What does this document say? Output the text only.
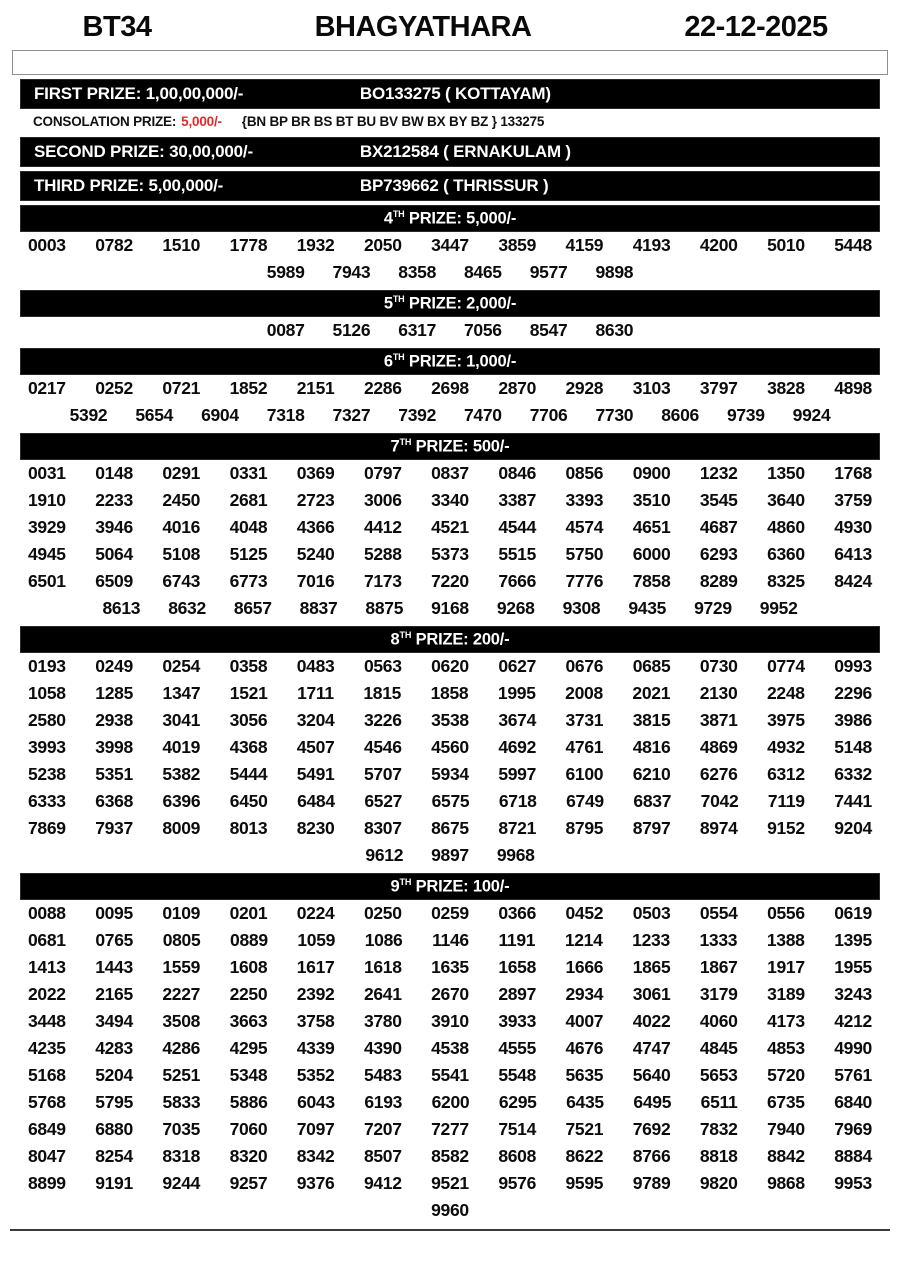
BT34	BHAGYATHARA	22-12-2025
FIRST PRIZE: 1,00,00,000/-	BO133275 ( KOTTAYAM)
CONSOLATION PRIZE: 5,000/- {BN BP BR BS BT BU BV BW BX BY BZ } 133275
SECOND PRIZE: 30,00,000/-	BX212584 ( ERNAKULAM )
THIRD PRIZE: 5,00,000/-	BP739662 ( THRISSUR )
4TH PRIZE: 5,000/-
0003 0782 1510 1778 1932 2050 3447 3859 4159 4193 4200 5010 5448
5989 7943 8358 8465 9577 9898
5TH PRIZE: 2,000/-
0087 5126 6317 7056 8547 8630
6TH PRIZE: 1,000/-
0217 0252 0721 1852 2151 2286 2698 2870 2928 3103 3797 3828 4898
5392 5654 6904 7318 7327 7392 7470 7706 7730 8606 9739 9924
7TH PRIZE: 500/-
0031 0148 0291 0331 0369 0797 0837 0846 0856 0900 1232 1350 1768
1910 2233 2450 2681 2723 3006 3340 3387 3393 3510 3545 3640 3759
3929 3946 4016 4048 4366 4412 4521 4544 4574 4651 4687 4860 4930
4945 5064 5108 5125 5240 5288 5373 5515 5750 6000 6293 6360 6413
6501 6509 6743 6773 7016 7173 7220 7666 7776 7858 8289 8325 8424
8613 8632 8657 8837 8875 9168 9268 9308 9435 9729 9952
8TH PRIZE: 200/-
0193 0249 0254 0358 0483 0563 0620 0627 0676 0685 0730 0774 0993
1058 1285 1347 1521 1711 1815 1858 1995 2008 2021 2130 2248 2296
2580 2938 3041 3056 3204 3226 3538 3674 3731 3815 3871 3975 3986
3993 3998 4019 4368 4507 4546 4560 4692 4761 4816 4869 4932 5148
5238 5351 5382 5444 5491 5707 5934 5997 6100 6210 6276 6312 6332
6333 6368 6396 6450 6484 6527 6575 6718 6749 6837 7042 7119 7441
7869 7937 8009 8013 8230 8307 8675 8721 8795 8797 8974 9152 9204
9612 9897 9968
9TH PRIZE: 100/-
0088 0095 0109 0201 0224 0250 0259 0366 0452 0503 0554 0556 0619
0681 0765 0805 0889 1059 1086 1146 1191 1214 1233 1333 1388 1395
1413 1443 1559 1608 1617 1618 1635 1658 1666 1865 1867 1917 1955
2022 2165 2227 2250 2392 2641 2670 2897 2934 3061 3179 3189 3243
3448 3494 3508 3663 3758 3780 3910 3933 4007 4022 4060 4173 4212
4235 4283 4286 4295 4339 4390 4538 4555 4676 4747 4845 4853 4990
5168 5204 5251 5348 5352 5483 5541 5548 5635 5640 5653 5720 5761
5768 5795 5833 5886 6043 6193 6200 6295 6435 6495 6511 6735 6840
6849 6880 7035 7060 7097 7207 7277 7514 7521 7692 7832 7940 7969
8047 8254 8318 8320 8342 8507 8582 8608 8622 8766 8818 8842 8884
8899 9191 9244 9257 9376 9412 9521 9576 9595 9789 9820 9868 9953
9960
